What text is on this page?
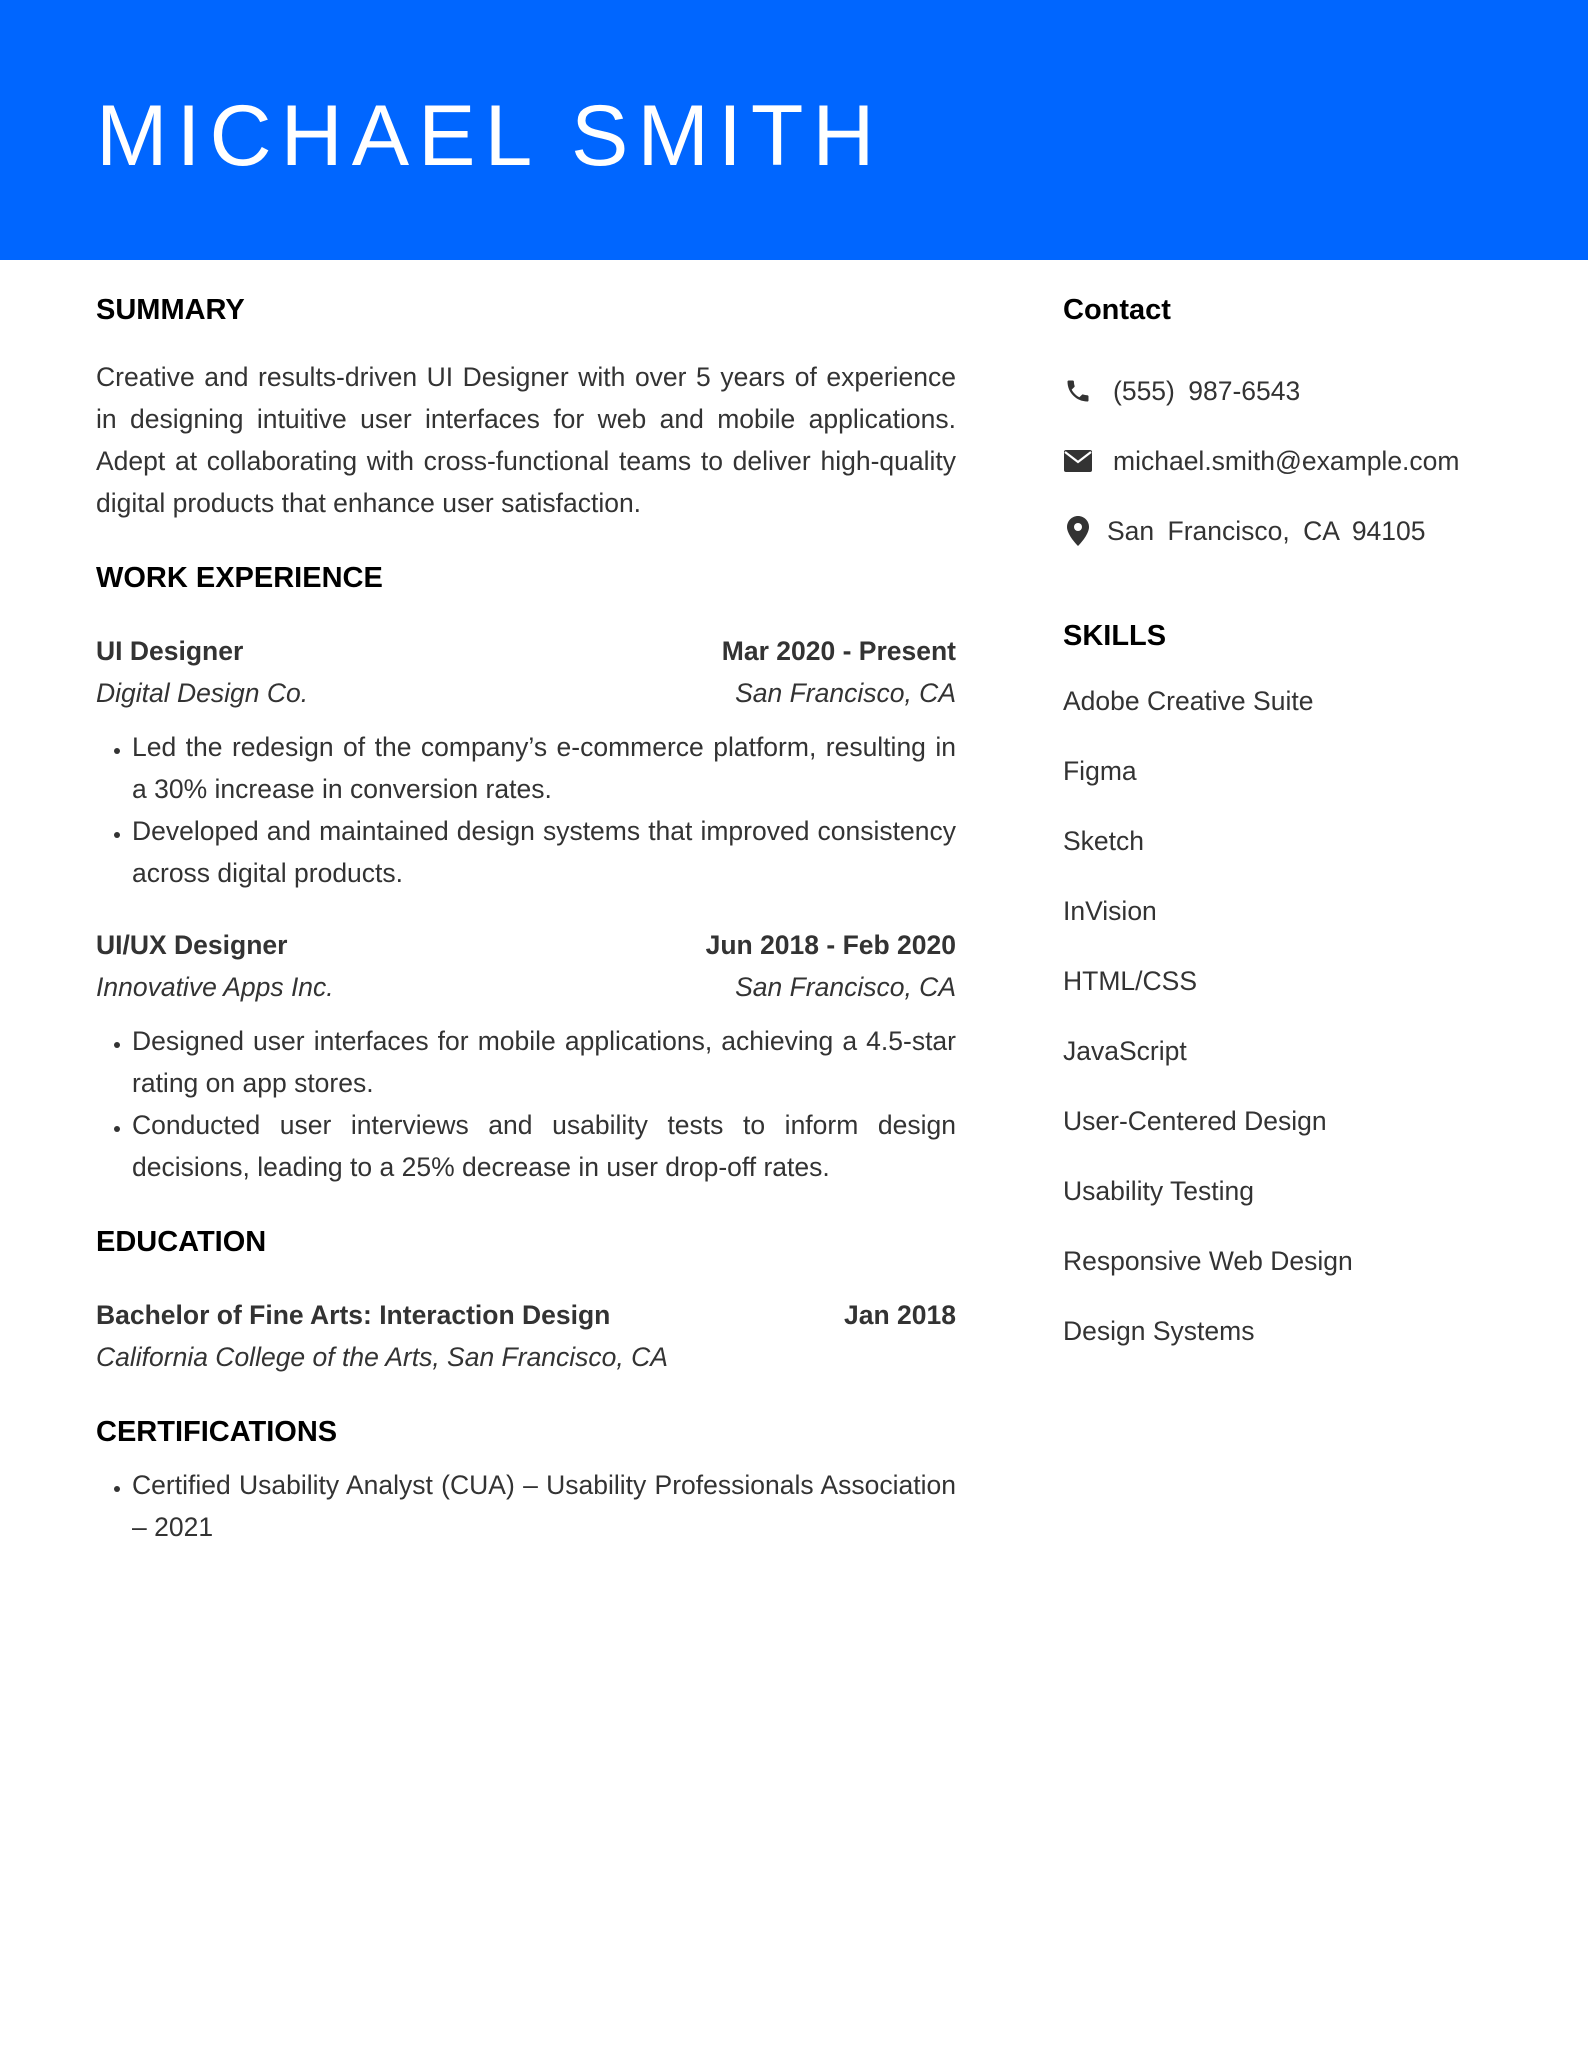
MICHAEL SMITH
SUMMARY

Creative and results-driven UI Designer with over 5 years of experience in designing intuitive user interfaces for web and mobile applications. Adept at collaborating with cross-functional teams to deliver high-quality digital products that enhance user satisfaction.

WORK EXPERIENCE
UI Designer	Mar 2020 - Present
Digital Design Co.	San Francisco, CA
• Led the redesign of the company’s e-commerce platform, resulting in a 30% increase in conversion rates.
• Developed and maintained design systems that improved consistency across digital products.
UI/UX Designer	Jun 2018 - Feb 2020
Innovative Apps Inc.	San Francisco, CA
• Designed user interfaces for mobile applications, achieving a 4.5-star rating on app stores.
• Conducted user interviews and usability tests to inform design decisions, leading to a 25% decrease in user drop-off rates.
EDUCATION
Bachelor of Fine Arts: Interaction Design	Jan 2018
California College of the Arts, San Francisco, CA
CERTIFICATIONS
• Certified Usability Analyst (CUA) – Usability Professionals Association – 2021
Contact
(555) 987-6543
michael.smith@example.com
San Francisco, CA 94105
SKILLS
Adobe Creative Suite
Figma
Sketch
InVision
HTML/CSS
JavaScript
User-Centered Design
Usability Testing
Responsive Web Design
Design Systems
